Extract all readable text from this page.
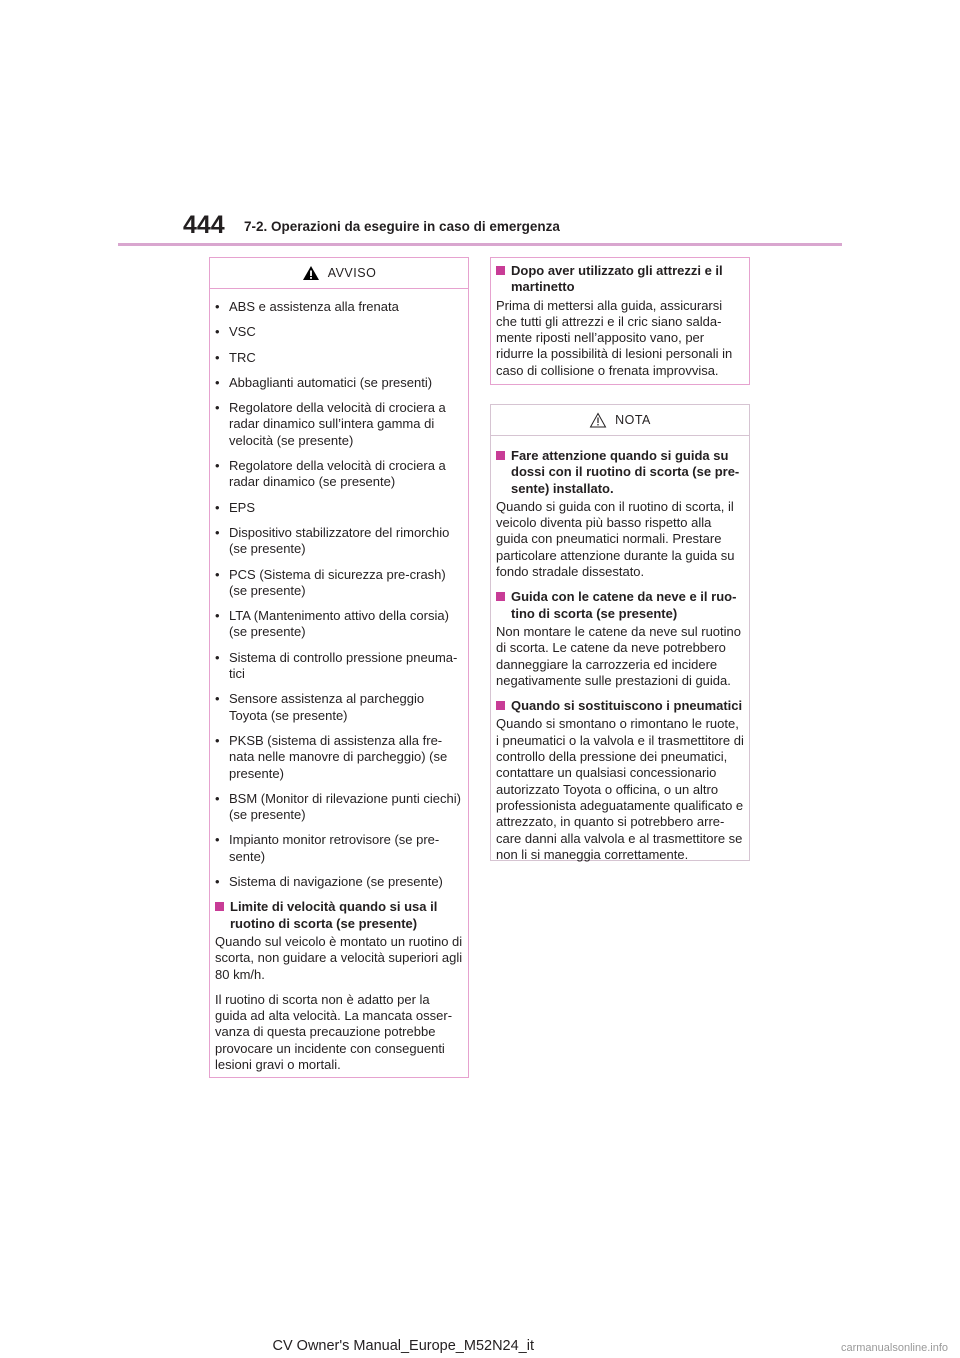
444 7-2. Operazioni da eseguire in caso di emergenza
AVVISO
• ABS e assistenza alla frenata
• VSC
• TRC
• Abbaglianti automatici (se presenti)
• Regolatore della velocità di crociera a radar dinamico sull’intera gamma di velocità (se presente)
• Regolatore della velocità di crociera a radar dinamico (se presente)
• EPS
• Dispositivo stabilizzatore del rimorchio (se presente)
• PCS (Sistema di sicurezza pre-crash) (se presente)
• LTA (Mantenimento attivo della corsia) (se presente)
• Sistema di controllo pressione pneuma-tici
• Sensore assistenza al parcheggio Toyota (se presente)
• PKSB (sistema di assistenza alla fre-nata nelle manovre di parcheggio) (se presente)
• BSM (Monitor di rilevazione punti ciechi) (se presente)
• Impianto monitor retrovisore (se pre-sente)
• Sistema di navigazione (se presente)
Limite di velocità quando si usa il ruotino di scorta (se presente)

Quando sul veicolo è montato un ruotino di scorta, non guidare a velocità superiori agli 80 km/h.

Il ruotino di scorta non è adatto per la guida ad alta velocità. La mancata osser-vanza di questa precauzione potrebbe provocare un incidente con conseguenti lesioni gravi o mortali.

Dopo aver utilizzato gli attrezzi e il martinetto

Prima di mettersi alla guida, assicurarsi che tutti gli attrezzi e il cric siano salda-mente riposti nell’apposito vano, per ridurre la possibilità di lesioni personali in caso di collisione o frenata improvvisa.

NOTA
Fare attenzione quando si guida su dossi con il ruotino di scorta (se pre-sente) installato.

Quando si guida con il ruotino di scorta, il veicolo diventa più basso rispetto alla guida con pneumatici normali. Prestare particolare attenzione durante la guida su fondo stradale dissestato.

Guida con le catene da neve e il ruo-tino di scorta (se presente)

Non montare le catene da neve sul ruotino di scorta. Le catene da neve potrebbero danneggiare la carrozzeria ed incidere negativamente sulle prestazioni di guida.

Quando si sostituiscono i pneumatici

Quando si smontano o rimontano le ruote, i pneumatici o la valvola e il trasmettitore di controllo della pressione dei pneumatici, contattare un qualsiasi concessionario autorizzato Toyota o officina, o un altro professionista adeguatamente qualificato e attrezzato, in quanto si potrebbero arre-care danni alla valvola e al trasmettitore se non li si maneggia correttamente.

CV Owner's Manual_Europe_M52N24_it	carmanualsonline.info
